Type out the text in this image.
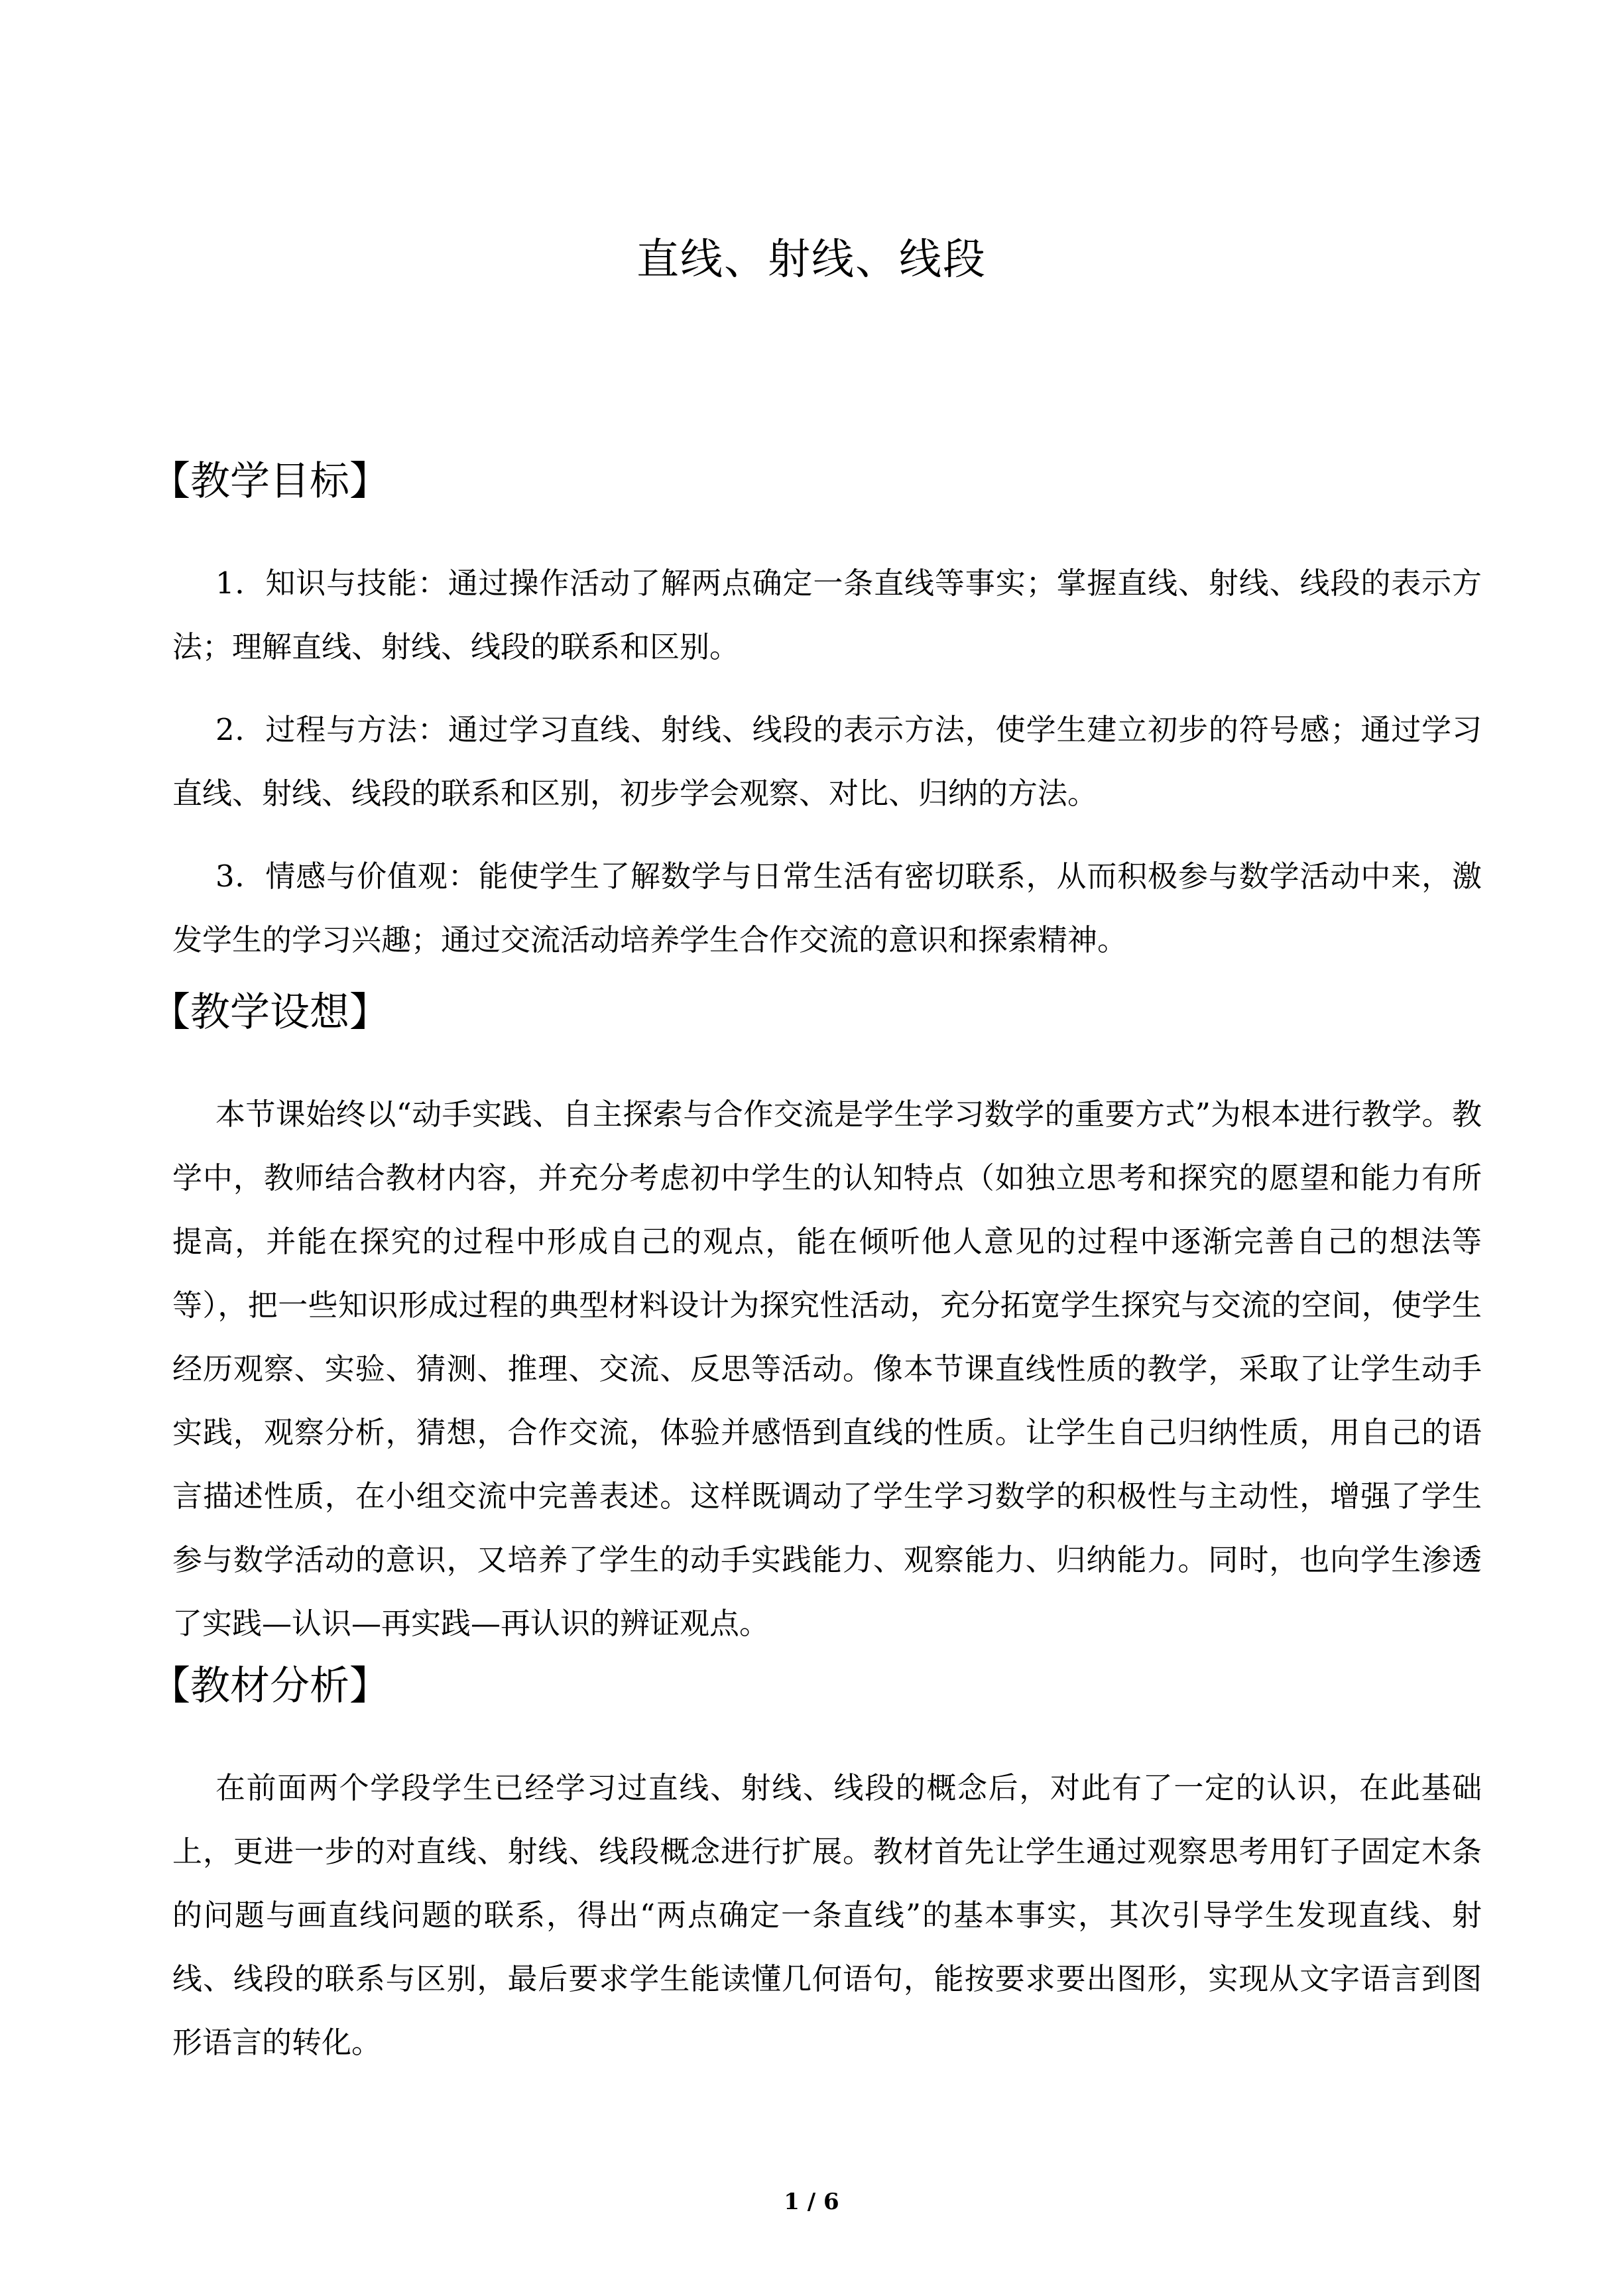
直线、射线、线段
【教学目标】

1．知识与技能：通过操作活动了解两点确定一条直线等事实；掌握直线、射线、线段的表示方法；理解直线、射线、线段的联系和区别。

2．过程与方法：通过学习直线、射线、线段的表示方法，使学生建立初步的符号感；通过学习直线、射线、线段的联系和区别，初步学会观察、对比、归纳的方法。

3．情感与价值观：能使学生了解数学与日常生活有密切联系，从而积极参与数学活动中来，激发学生的学习兴趣；通过交流活动培养学生合作交流的意识和探索精神。

【教学设想】

本节课始终以“动手实践、自主探索与合作交流是学生学习数学的重要方式”为根本进行教学。教学中，教师结合教材内容，并充分考虑初中学生的认知特点（如独立思考和探究的愿望和能力有所提高，并能在探究的过程中形成自己的观点，能在倾听他人意见的过程中逐渐完善自己的想法等等），把一些知识形成过程的典型材料设计为探究性活动，充分拓宽学生探究与交流的空间，使学生经历观察、实验、猜测、推理、交流、反思等活动。像本节课直线性质的教学，采取了让学生动手实践，观察分析，猜想，合作交流，体验并感悟到直线的性质。让学生自己归纳性质，用自己的语言描述性质，在小组交流中完善表述。这样既调动了学生学习数学的积极性与主动性，增强了学生参与数学活动的意识，又培养了学生的动手实践能力、观察能力、归纳能力。同时，也向学生渗透了实践—认识—再实践—再认识的辨证观点。

【教材分析】

在前面两个学段学生已经学习过直线、射线、线段的概念后，对此有了一定的认识，在此基础上，更进一步的对直线、射线、线段概念进行扩展。教材首先让学生通过观察思考用钉子固定木条的问题与画直线问题的联系，得出“两点确定一条直线”的基本事实，其次引导学生发现直线、射线、线段的联系与区别，最后要求学生能读懂几何语句，能按要求要出图形，实现从文字语言到图形语言的转化。

1 / 6
